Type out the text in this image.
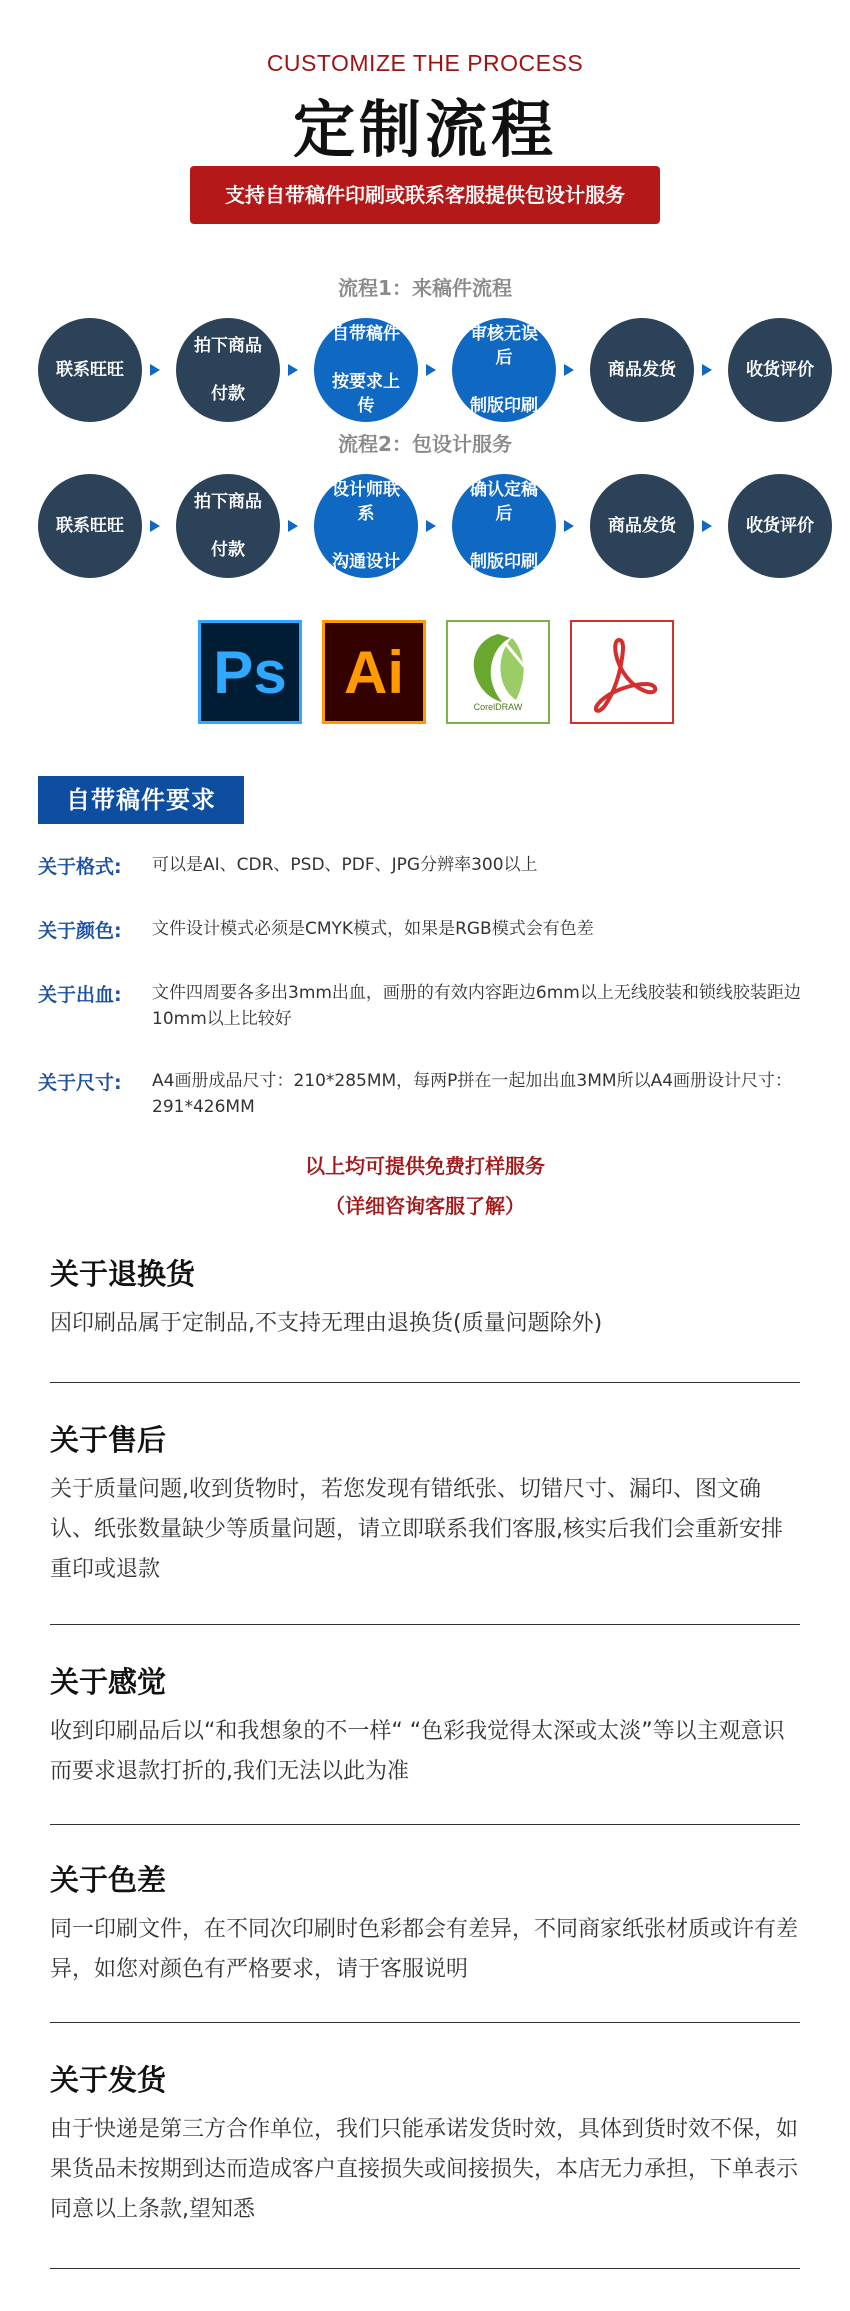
CUSTOMIZE THE PROCESS
定制流程
支持自带稿件印刷或联系客服提供包设计服务
流程1：来稿件流程
联系旺旺
拍下商品

付款
自带稿件

按要求上传
审核无误后

制版印刷
商品发货	收货评价
流程2：包设计服务
联系旺旺
拍下商品

付款
设计师联系

沟通设计
确认定稿后

制版印刷
商品发货	收货评价
Ps Ai
CorelDRAW
自带稿件要求
关于格式: 可以是AI、CDR、PSD、PDF、JPG分辨率300以上
关于颜色: 文件设计模式必须是CMYK模式，如果是RGB模式会有色差
关于出血: 文件四周要各多出3mm出血，画册的有效内容距边6mm以上无线胶装和锁线胶装距边10mm以上比较好
关于尺寸: A4画册成品尺寸：210*285MM，每两P拼在一起加出血3MM所以A4画册设计尺寸：291*426MM
以上均可提供免费打样服务
（详细咨询客服了解）
关于退换货
因印刷品属于定制品,不支持无理由退换货(质量问题除外)
关于售后
关于质量问题,收到货物时，若您发现有错纸张、切错尺寸、漏印、图文确认、纸张数量缺少等质量问题，请立即联系我们客服,核实后我们会重新安排重印或退款
关于感觉
收到印刷品后以“和我想象的不一样“ “色彩我觉得太深或太淡”等以主观意识而要求退款打折的,我们无法以此为准
关于色差
同一印刷文件，在不同次印刷时色彩都会有差异，不同商家纸张材质或许有差异，如您对颜色有严格要求，请于客服说明
关于发货
由于快递是第三方合作单位，我们只能承诺发货时效，具体到货时效不保，如果货品未按期到达而造成客户直接损失或间接损失，本店无力承担，下单表示同意以上条款,望知悉
